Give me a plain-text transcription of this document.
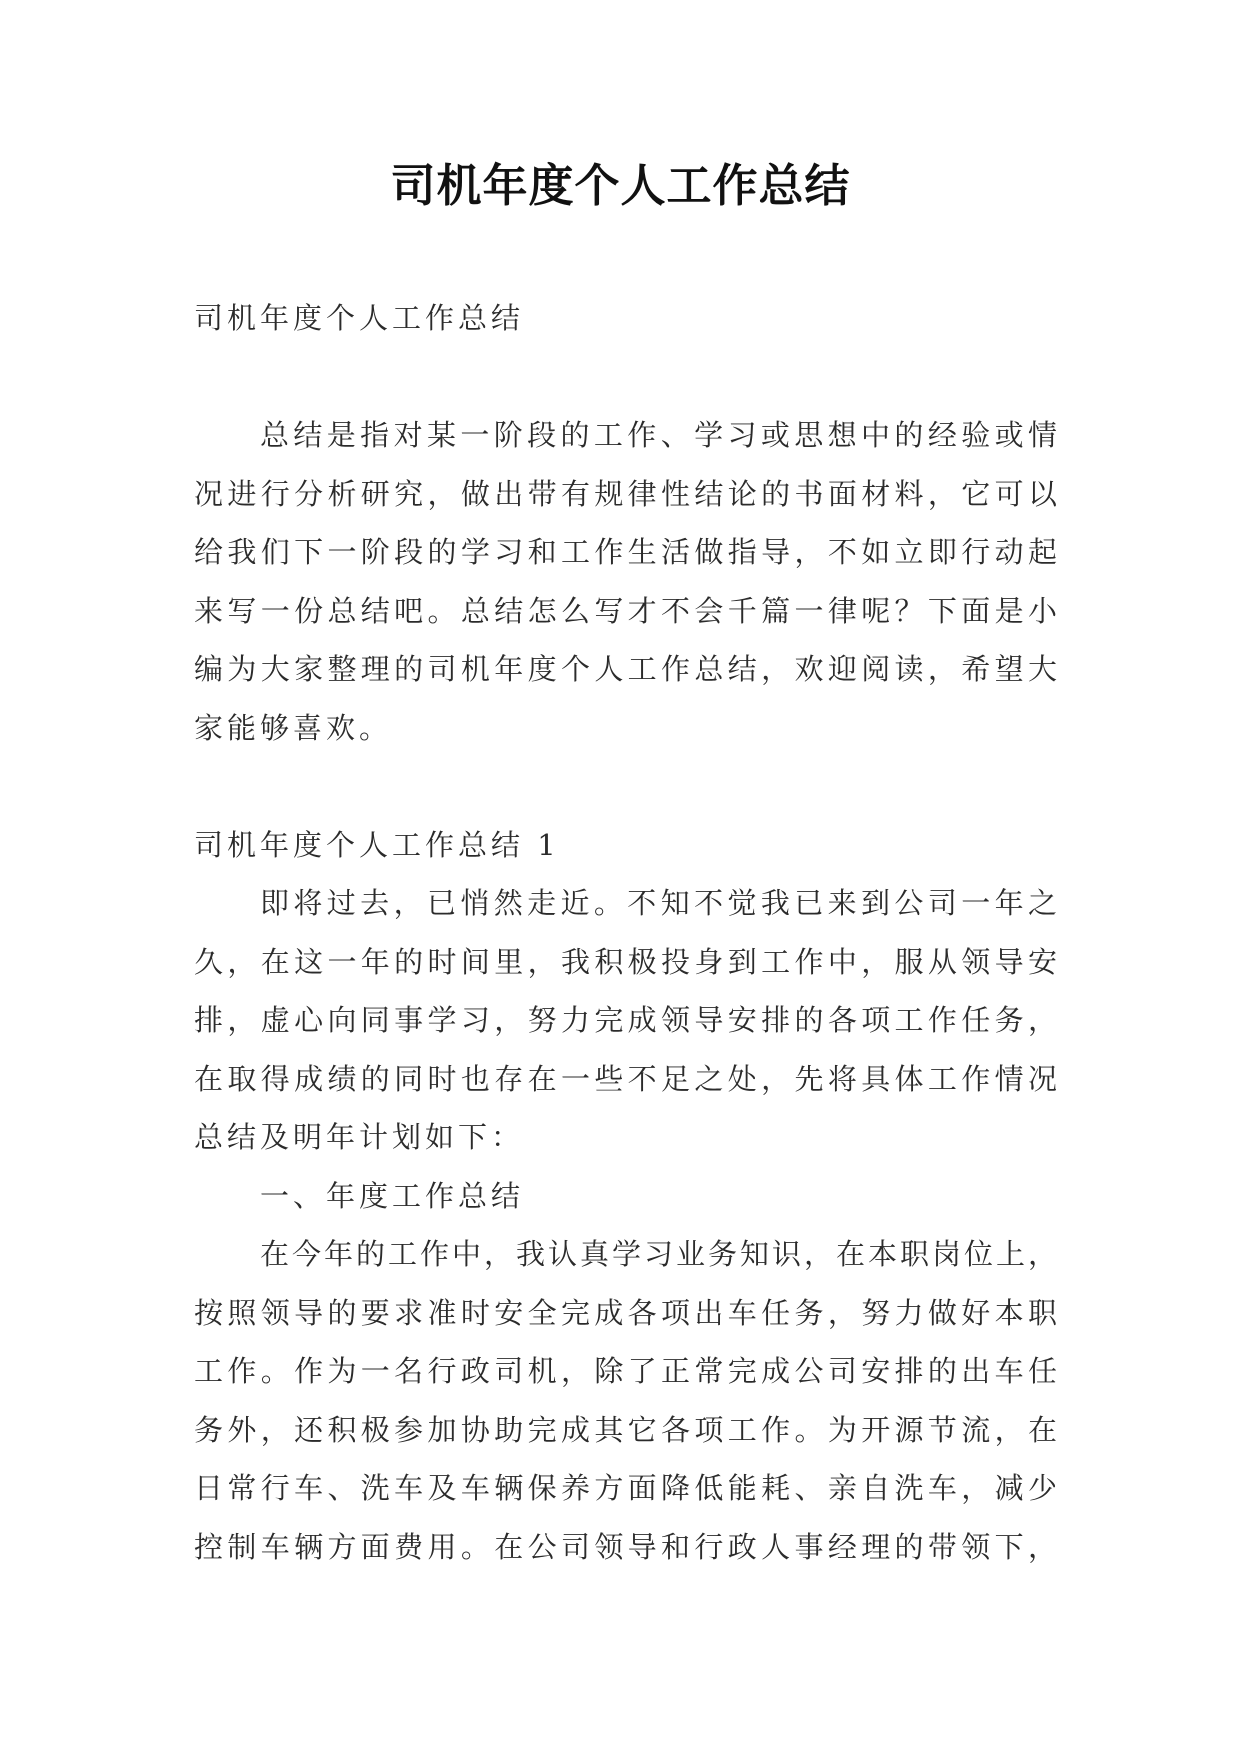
司机年度个人工作总结
司机年度个人工作总结
总结是指对某一阶段的工作、学习或思想中的经验或情
况进行分析研究，做出带有规律性结论的书面材料，它可以
给我们下一阶段的学习和工作生活做指导，不如立即行动起
来写一份总结吧。总结怎么写才不会千篇一律呢？下面是小
编为大家整理的司机年度个人工作总结，欢迎阅读，希望大
家能够喜欢。
司机年度个人工作总结 1
即将过去，已悄然走近。不知不觉我已来到公司一年之
久，在这一年的时间里，我积极投身到工作中，服从领导安
排，虚心向同事学习，努力完成领导安排的各项工作任务，
在取得成绩的同时也存在一些不足之处，先将具体工作情况
总结及明年计划如下：
一、年度工作总结
在今年的工作中，我认真学习业务知识，在本职岗位上，
按照领导的要求准时安全完成各项出车任务，努力做好本职
工作。作为一名行政司机，除了正常完成公司安排的出车任
务外，还积极参加协助完成其它各项工作。为开源节流，在
日常行车、洗车及车辆保养方面降低能耗、亲自洗车，减少
控制车辆方面费用。在公司领导和行政人事经理的带领下，
